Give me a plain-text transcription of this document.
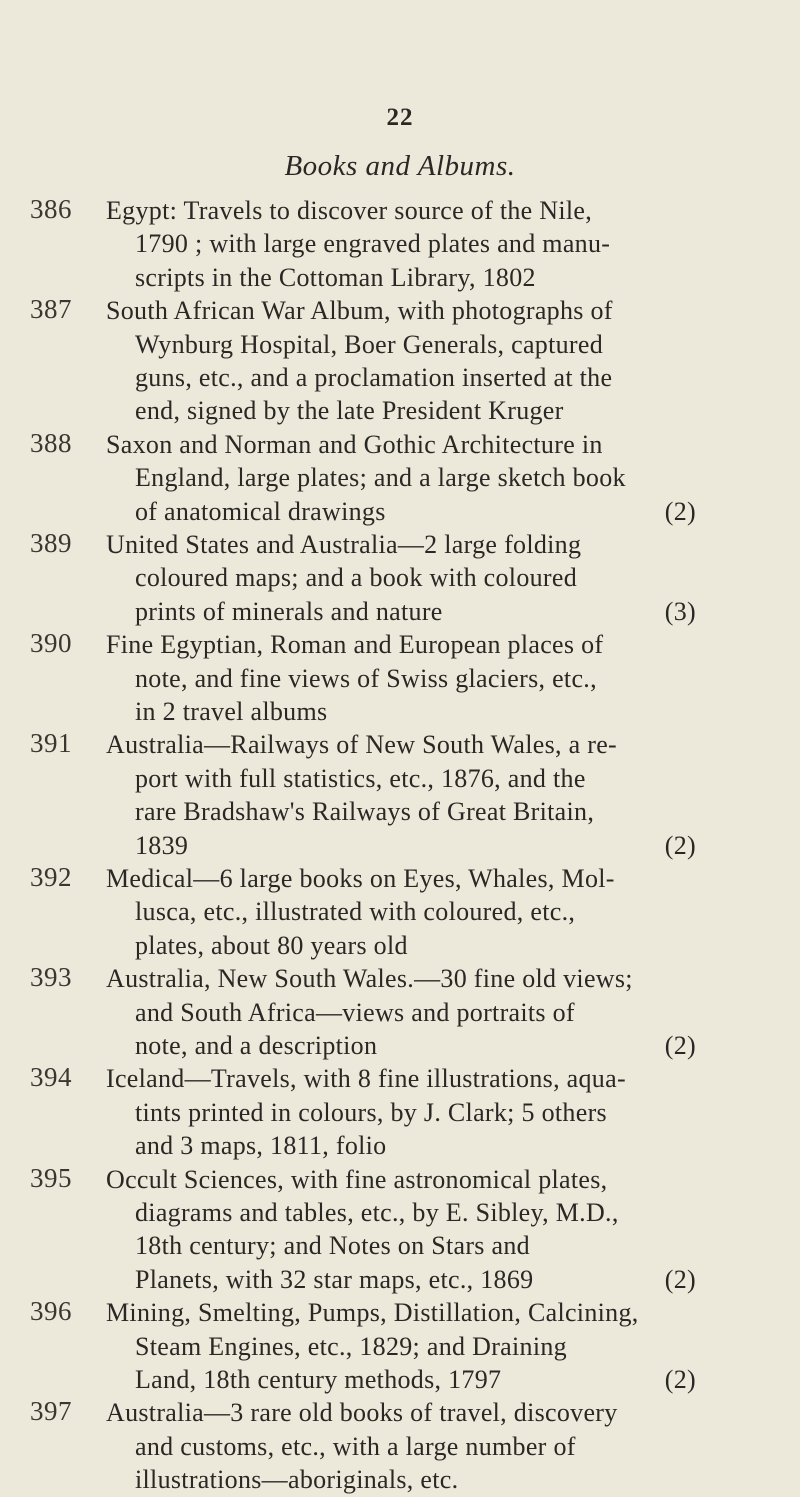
22
Books and Albums.
386	Egypt: Travels to discover source of the Nile,
1790 ; with large engraved plates and manu-
scripts in the Cottoman Library, 1802
387	South African War Album, with photographs of
Wynburg Hospital, Boer Generals, captured
guns, etc., and a proclamation inserted at the
end, signed by the late President Kruger
388	Saxon and Norman and Gothic Architecture in
England, large plates; and a large sketch book
of anatomical drawings	(2)
389	United States and Australia—2 large folding
coloured maps; and a book with coloured
prints of minerals and nature	(3)
390	Fine Egyptian, Roman and European places of
note, and fine views of Swiss glaciers, etc.,
in 2 travel albums
391	Australia—Railways of New South Wales, a re-
port with full statistics, etc., 1876, and the
rare Bradshaw's Railways of Great Britain,
1839	(2)
392	Medical—6 large books on Eyes, Whales, Mol-
lusca, etc., illustrated with coloured, etc.,
plates, about 80 years old
393	Australia, New South Wales.—30 fine old views;
and South Africa—views and portraits of
note, and a description	(2)
394	Iceland—Travels, with 8 fine illustrations, aqua-
tints printed in colours, by J. Clark; 5 others
and 3 maps, 1811, folio
395	Occult Sciences, with fine astronomical plates,
diagrams and tables, etc., by E. Sibley, M.D.,
18th century; and Notes on Stars and
Planets, with 32 star maps, etc., 1869	(2)
396	Mining, Smelting, Pumps, Distillation, Calcining,
Steam Engines, etc., 1829; and Draining
Land, 18th century methods, 1797	(2)
397	Australia—3 rare old books of travel, discovery
and customs, etc., with a large number of
illustrations—aboriginals, etc.
